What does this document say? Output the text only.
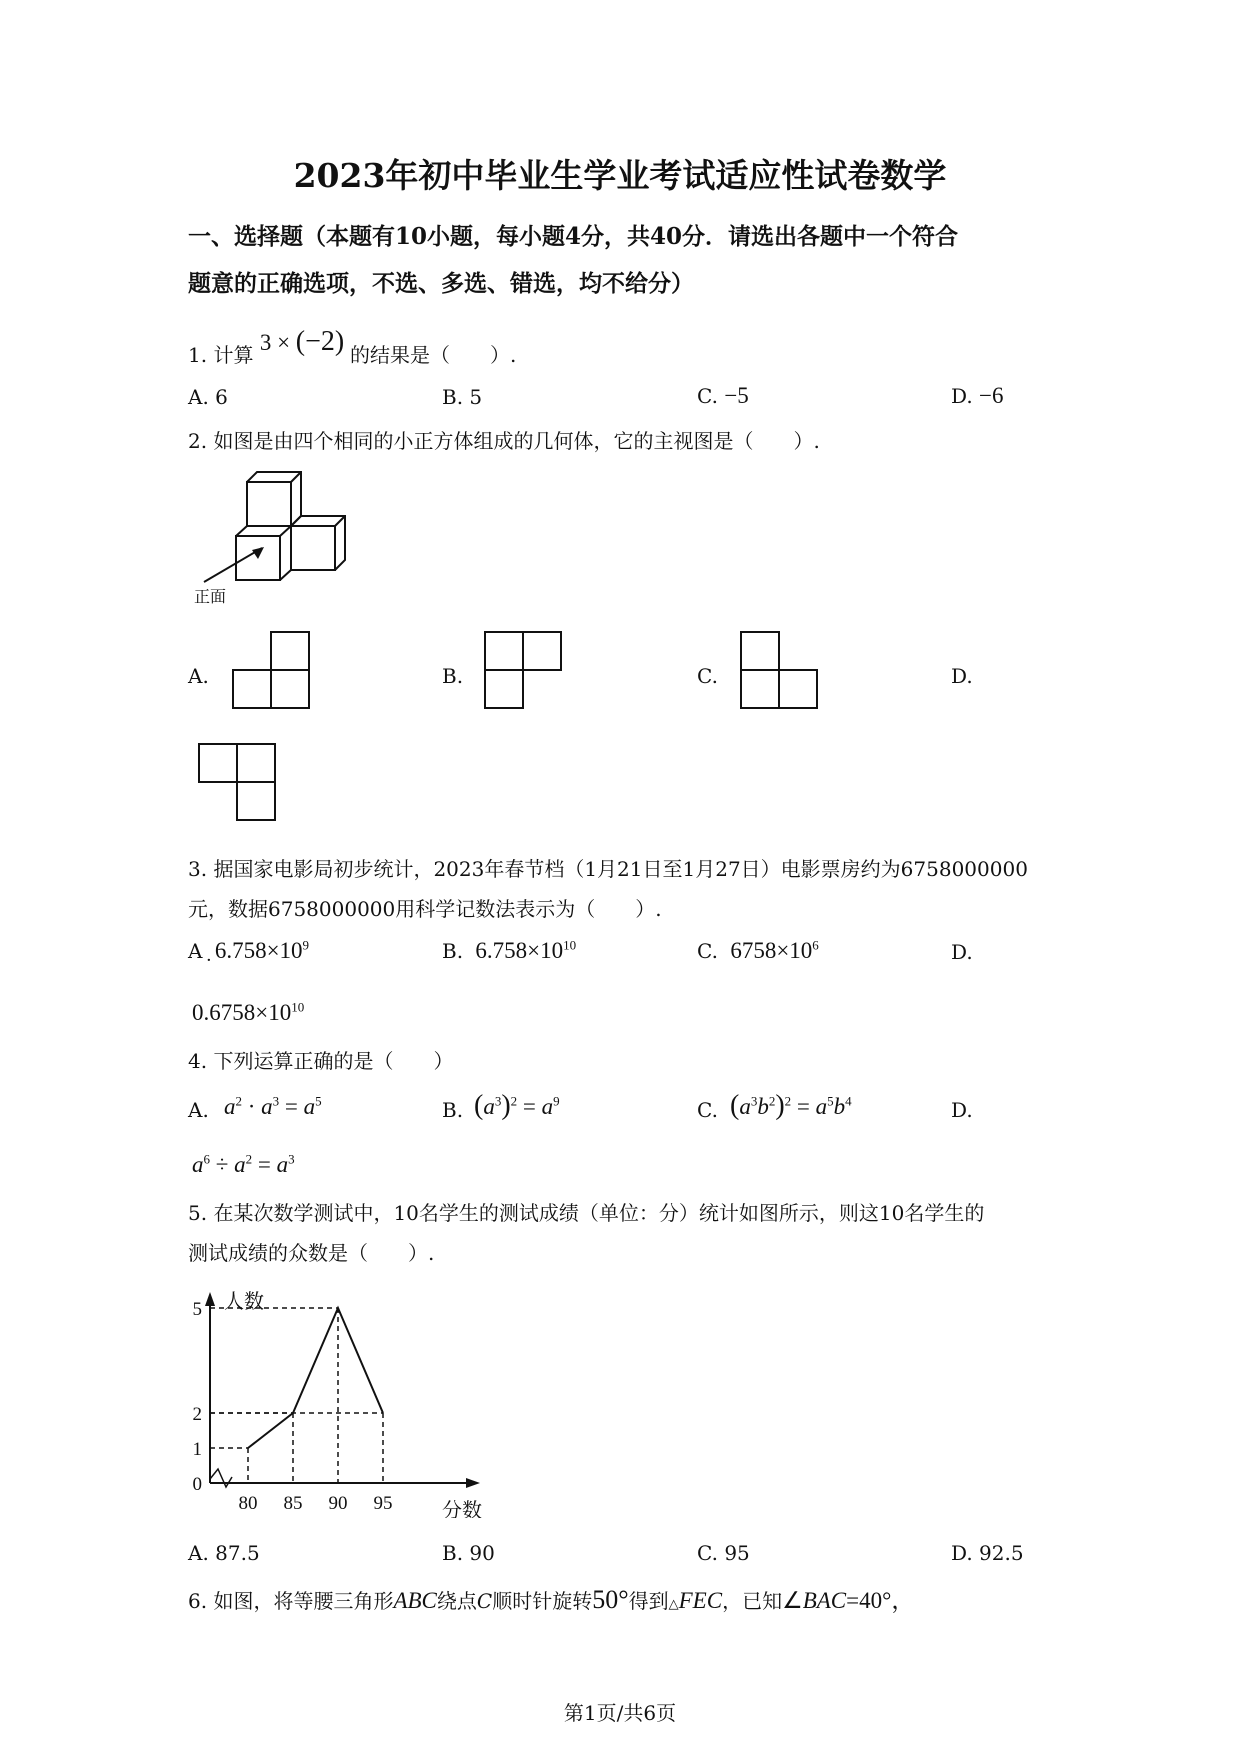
2023年初中毕业生学业考试适应性试卷数学
一、选择题（本题有10小题，每小题4分，共40分．请选出各题中一个符合
题意的正确选项，不选、多选、错选，均不给分）
1. 计算 3 × (−2) 的结果是（　　）.
A. 6	B. 5	C. −5	D. −6
2. 如图是由四个相同的小正方体组成的几何体，它的主视图是（　　）.
正面
A.	B.	C.	D.
3. 据国家电影局初步统计，2023年春节档（1月21日至1月27日）电影票房约为6758000000
元，数据6758000000用科学记数法表示为（　　）.
A $6.758\times 10^9$
·	B. $6.758\times 10^{10}$	C. $6758\times 10^6$	D.
$0.6758\times 10^{10}$
4. 下列运算正确的是（　　）
A. $a^2 \cdot a^3 = a^5$	B. $(a^3)^2 = a^9$	C. $(a^3b^2)^2 = a^5b^4$	D.
$a^6 \div a^2 = a^3$
5. 在某次数学测试中，10名学生的测试成绩（单位：分）统计如图所示，则这10名学生的
测试成绩的众数是（　　）.
80 85 90 95
0
1
2
5 人数
分数
A. 87.5	B. 90	C. 95	D. 92.5
6. 如图，将等腰三角形ABC绕点C顺时针旋转50°得到△FEC，已知∠BAC=40°，
第1页/共6页
